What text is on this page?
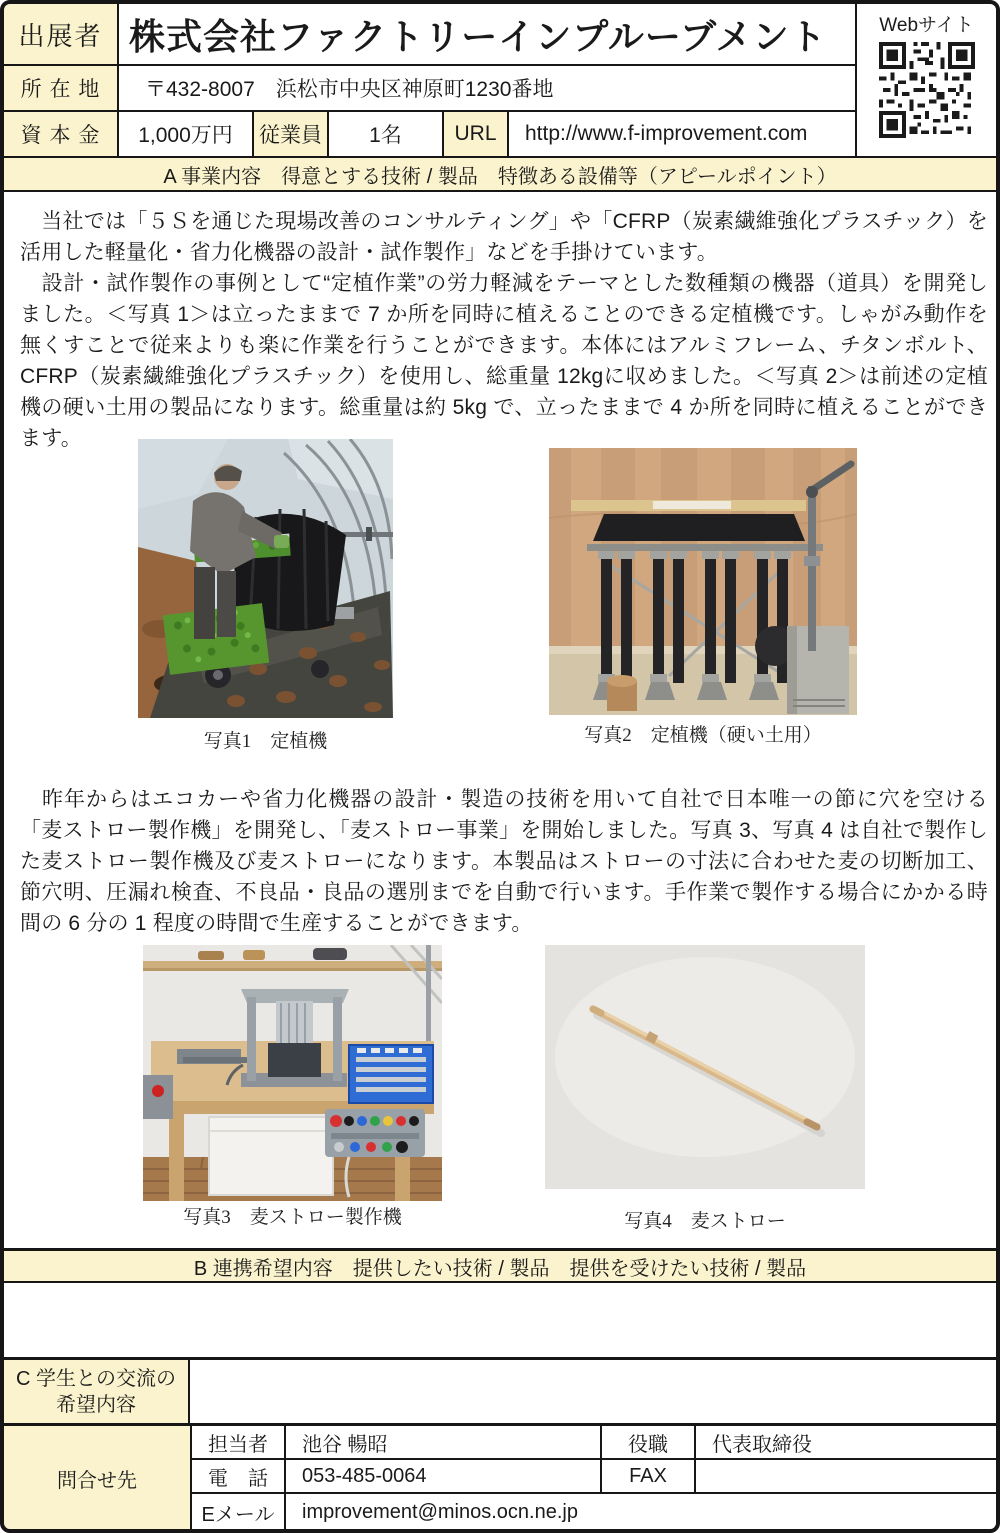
出展者 株式会社ファクトリーインプルーブメント	Webサイト
所 在 地	〒432-8007　浜松市中央区神原町1230番地
資 本 金	1,000万円	従業員	1名	URL	http://www.f-improvement.com
A 事業内容　得意とする技術 / 製品　特徴ある設備等（アピールポイント）

　当社では「５Ｓを通じた現場改善のコンサルティング」や「CFRP（炭素繊維強化プラスチック）を活用した軽量化・省力化機器の設計・試作製作」などを手掛けています。

　設計・試作製作の事例として“定植作業”の労力軽減をテーマとした数種類の機器（道具）を開発しました。＜写真 1＞は立ったままで 7 か所を同時に植えることのできる定植機です。しゃがみ動作を無くすことで従来よりも楽に作業を行うことができます。本体にはアルミフレーム、チタンボルト、CFRP（炭素繊維強化プラスチック）を使用し、総重量 12kgに収めました。＜写真 2＞は前述の定植機の硬い土用の製品になります。総重量は約 5kg で、立ったままで 4 か所を同時に植えることができます。

写真1　定植機	写真2　定植機（硬い土用）

　昨年からはエコカーや省力化機器の設計・製造の技術を用いて自社で日本唯一の節に穴を空ける「麦ストロー製作機」を開発し、「麦ストロー事業」を開始しました。写真 3、写真 4 は自社で製作した麦ストロー製作機及び麦ストローになります。本製品はストローの寸法に合わせた麦の切断加工、節穴明、圧漏れ検査、不良品・良品の選別までを自動で行います。手作業で製作する場合にかかる時間の 6 分の 1 程度の時間で生産することができます。

写真3　麦ストロー製作機	写真4　麦ストロー
B 連携希望内容　提供したい技術 / 製品　提供を受けたい技術 / 製品
C 学生との交流の
希望内容
問合せ先
担当者	池谷 暢昭	役職	代表取締役
電　話	053-485-0064	FAX
Eメール	improvement@minos.ocn.ne.jp
